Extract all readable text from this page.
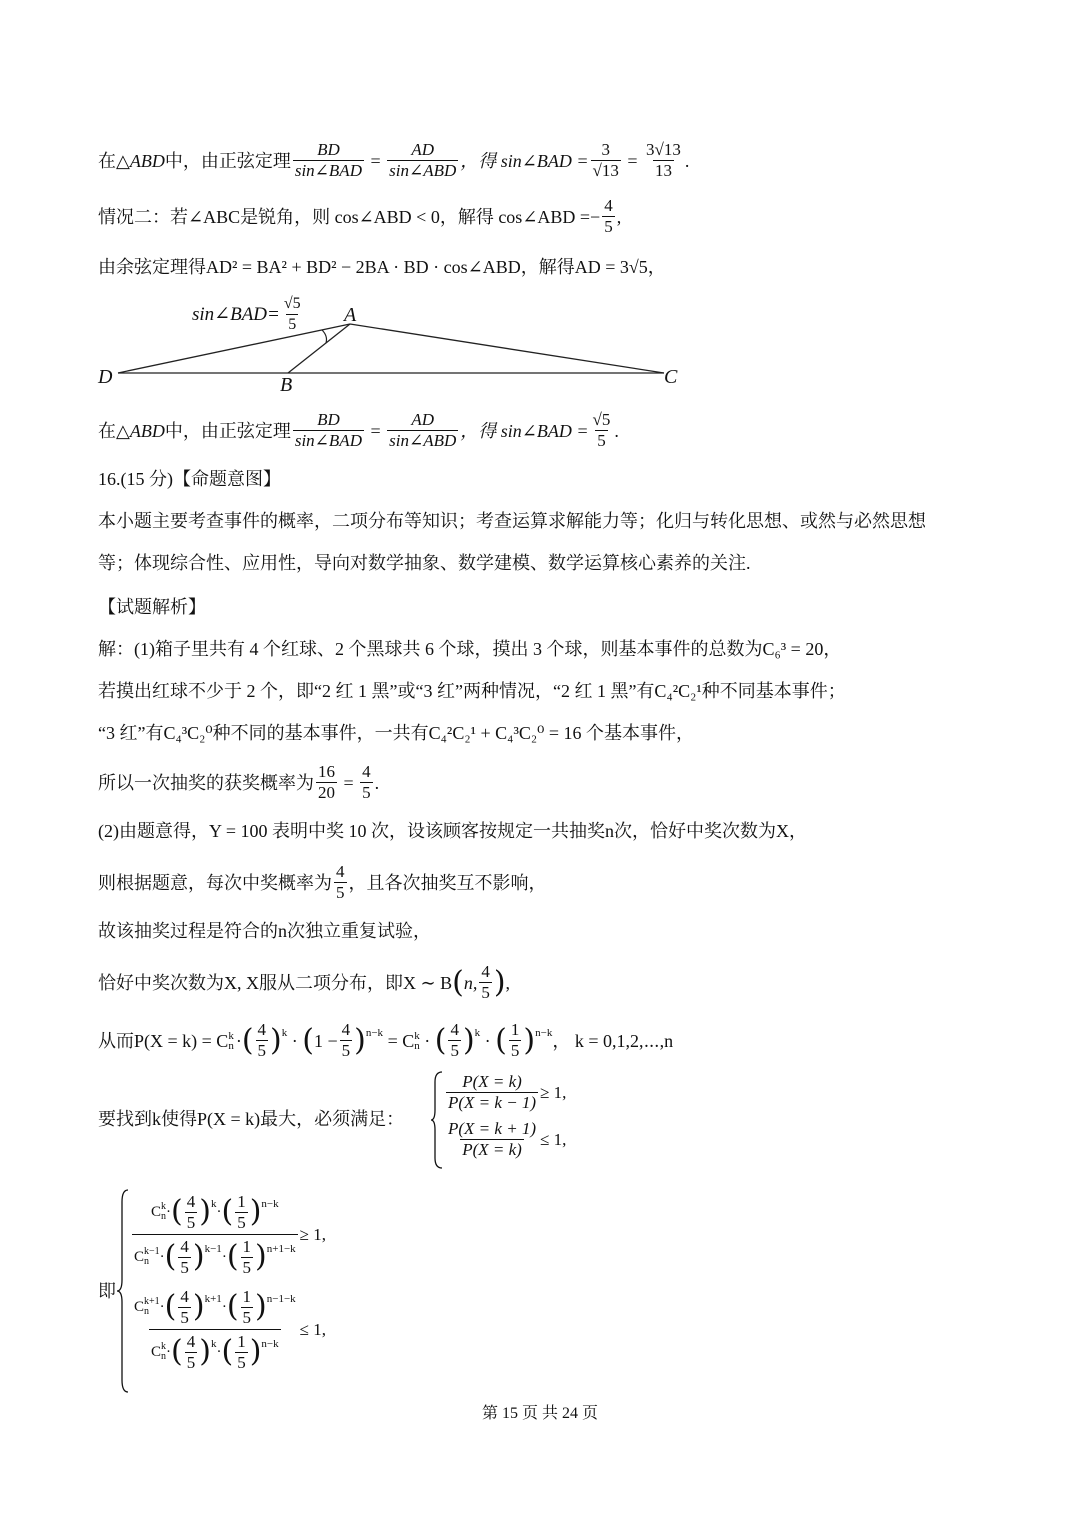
在△ ABD 中，由正弦定理 $\frac{BD}{\text{sin∠BAD}} = \frac{AD}{\text{sin∠ABD}}$ ，得 sin∠BAD = $\frac{3}{√13} = \frac{3√13}{13}$ .
情况二：若∠ABC是锐角，则 cos∠ABD < 0，解得 cos∠ABD =− $\frac{4}{5}$ ,
由余弦定理得AD² = BA² + BD² − 2BA · BD · cos∠ABD，解得AD = 3√5，
sin∠BAD= $\frac{√5}{5}$ A
B	C
D
在△ ABD 中，由正弦定理 $\frac{BD}{\text{sin∠BAD}} = \frac{AD}{\text{sin∠ABD}}$ ，得 sin∠BAD = $\frac{√5}{5}$ .
16.(15 分)【命题意图】
本小题主要考查事件的概率，二项分布等知识；考查运算求解能力等；化归与转化思想、或然与必然思想
等；体现综合性、应用性，导向对数学抽象、数学建模、数学运算核心素养的关注.
【试题解析】
解：(1)箱子里共有 4 个红球、2 个黑球共 6 个球，摸出 3 个球，则基本事件的总数为C₆³ = 20，
若摸出红球不少于 2 个，即“2 红 1 黑”或“3 红”两种情况，“2 红 1 黑”有C₄²C₂¹种不同基本事件；
“3 红”有C₄³C₂⁰种不同的基本事件，一共有C₄²C₂¹ + C₄³C₂⁰ = 16 个基本事件，
所以一次抽奖的获奖概率为 $\frac{16}{20} = \frac{4}{5}$ .
(2)由题意得，Y = 100 表明中奖 10 次，设该顾客按规定一共抽奖n次，恰好中奖次数为X，
则根据题意，每次中奖概率为 $\frac{4}{5}$ ，且各次抽奖互不影响，
故该抽奖过程是符合的n次独立重复试验，
恰好中奖次数为X, X服从二项分布，即X ∼ B ( n, $\frac{4}{5}$ ) ,
从而P(X = k) = C k
n · ( $\frac{4}{5}$ ) k · ( $1 - \frac{4}{5}$ ) n−k = C k
n · ( $\frac{4}{5}$ ) k · ( $\frac{1}{5}$ ) n−k ， k = 0,1,2,⋯,n
要找到k使得P(X = k)最大，必须满足：
$\frac{P(X = k)}{P(X = k - 1)} \ge 1$,
$\frac{P(X = k + 1)}{P(X = k)} \le 1$,
即
C k
n · ( $\frac{4}{5}$ ) k · ( $\frac{1}{5}$ ) n−k
C k−1
n · ( $\frac{4}{5}$ ) k−1 · ( $\frac{1}{5}$ ) n+1−k ≥ 1,
C k+1
n · ( $\frac{4}{5}$ ) k+1 · ( $\frac{1}{5}$ ) n−1−k
C k
n · ( $\frac{4}{5}$ ) k · ( $\frac{1}{5}$ ) n−k ≤ 1,
第 15 页 共 24 页
